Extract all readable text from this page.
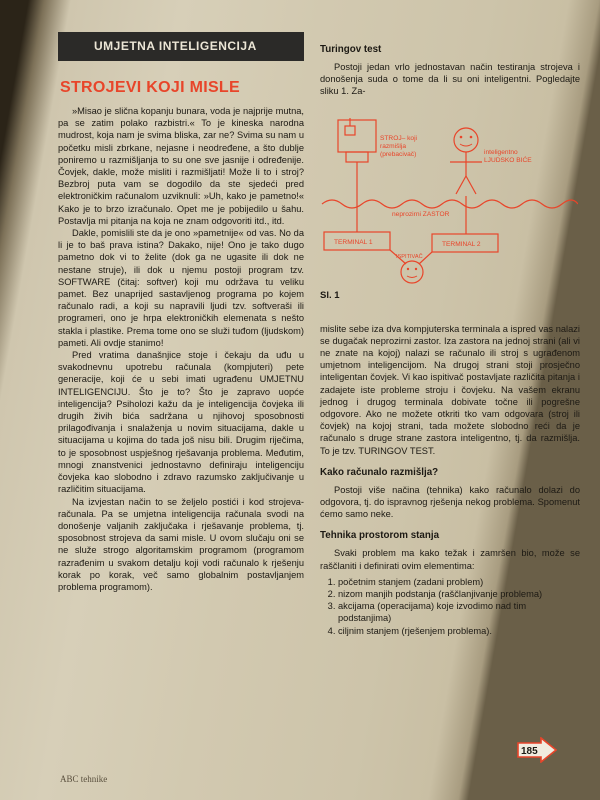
UMJETNA INTELIGENCIJA
STROJEVI KOJI MISLE

»Misao je slična kopanju bunara, voda je najprije mutna, pa se zatim polako razbistri.« To je kineska narodna mudrost, koja nam je svima bliska, zar ne? Svima su nam u početku misli zbrkane, nejasne i neodređene, a što dublje poniremo u razmišljanja to su one sve jasnije i određenije. Čovjek, dakle, može misliti i razmišljati! Može li to i stroj? Bezbroj puta vam se dogodilo da ste sjedeći pred elektroničkim računalom uzviknuli: »Uh, kako je pametno!« Kako je to brzo izračunalo. Opet me je pobijedilo u šahu. Postavlja mi pitanja na koja ne znam odgovoriti itd., itd.

Dakle, pomislili ste da je ono »pametnije« od vas. No da li je to baš prava istina? Dakako, nije! Ono je tako dugo pametno dok vi to želite (dok ga ne ugasite ili dok ne nestane struje), ili dok u njemu postoji program tzv. SOFTWARE (čitaj: softver) koji mu održava tu veliku pamet. Bez unaprijed sastavljenog programa po kojem računalo radi, a koji su napravili ljudi tzv. softveraši ili programeri, ono je hrpa elektroničkih elemenata s nešto stakla i plastike. Prema tome ono se služi tuđom (ljudskom) pameti. Ali ovdje stanimo!

Pred vratima današnjice stoje i čekaju da uđu u svakodnevnu upotrebu računala (kompjuteri) pete generacije, koji će u sebi imati ugrađenu UMJETNU INTELIGENCIJU. Što je to? Što je zapravo uopće inteligencija? Psiholozi kažu da je inteligencija čovjeka ili drugih živih bića sadržana u njihovoj sposobnosti prilagođivanja i snalaženja u novim situacijama, dakle u situacijama u kojima do tada još nisu bili. Drugim riječima, to je sposobnost uspješnog rješavanja problema. Međutim, mnogi znanstvenici jednostavno definiraju inteligenciju čovjeka kao slobodno i zdravo razumsko zaključivanje u različitim situacijama.

Na izvjestan način to se željelo postići i kod strojeva-računala. Pa se umjetna inteligencija računala svodi na donošenje valjanih zaključaka i rješavanje problema, tj. sposobnost strojeva da sami misle. U ovom slučaju oni se ne služe strogo algoritamskim programom (programom razrađenim u svakom detalju koji vodi računalo k rješenju korak po korak, več samo globalnim postavljanjem problema programom).

ABC tehnike
Turingov test

Postoji jedan vrlo jednostavan način testiranja strojeva i donošenja suda o tome da li su oni inteligentni. Pogledajte sliku 1. Za-

STROJ– koji
razmišlja
(prebacivač)	inteligentno
LJUDSKO BIĆE
neprozirni ZASTOR
TERMINAL 1	TERMINAL 2
ISPITIVAČ
Sl. 1

mislite sebe iza dva kompjuterska terminala a ispred vas nalazi se dugačak neprozirni zastor. Iza zastora na jednoj strani (ali vi ne znate na kojoj) nalazi se računalo ili stroj s ugrađenom umjetnom inteligencijom. Na drugoj strani stoji prosječno inteligentan čovjek. Vi kao ispitivač postavljate različita pitanja i zadajete iste probleme stroju i čovjeku. Na vašem ekranu jednog i drugog terminala dobivate točne ili pogrešne odgovore. Ako ne možete otkriti tko vam odgovara (stroj ili čovjek) na kojoj strani, tada možete slobodno reći da je računalo s druge strane zastora inteligentno, tj. da razmišlja. To je tzv. TURINGOV TEST.

Kako računalo razmišlja?

Postoji više načina (tehnika) kako računalo dolazi do odgovora, tj. do ispravnog rješenja nekog problema. Spomenut ćemo samo neke.

Tehnika prostorom stanja

Svaki problem ma kako težak i zamršen bio, može se raščlaniti i definirati ovim elementima:

1. početnim stanjem (zadani problem)
2. nizom manjih podstanja (raščlanjivanje problema)
3. akcijama (operacijama) koje izvodimo nad tim podstanjima)
4. ciljnim stanjem (rješenjem problema).
185
